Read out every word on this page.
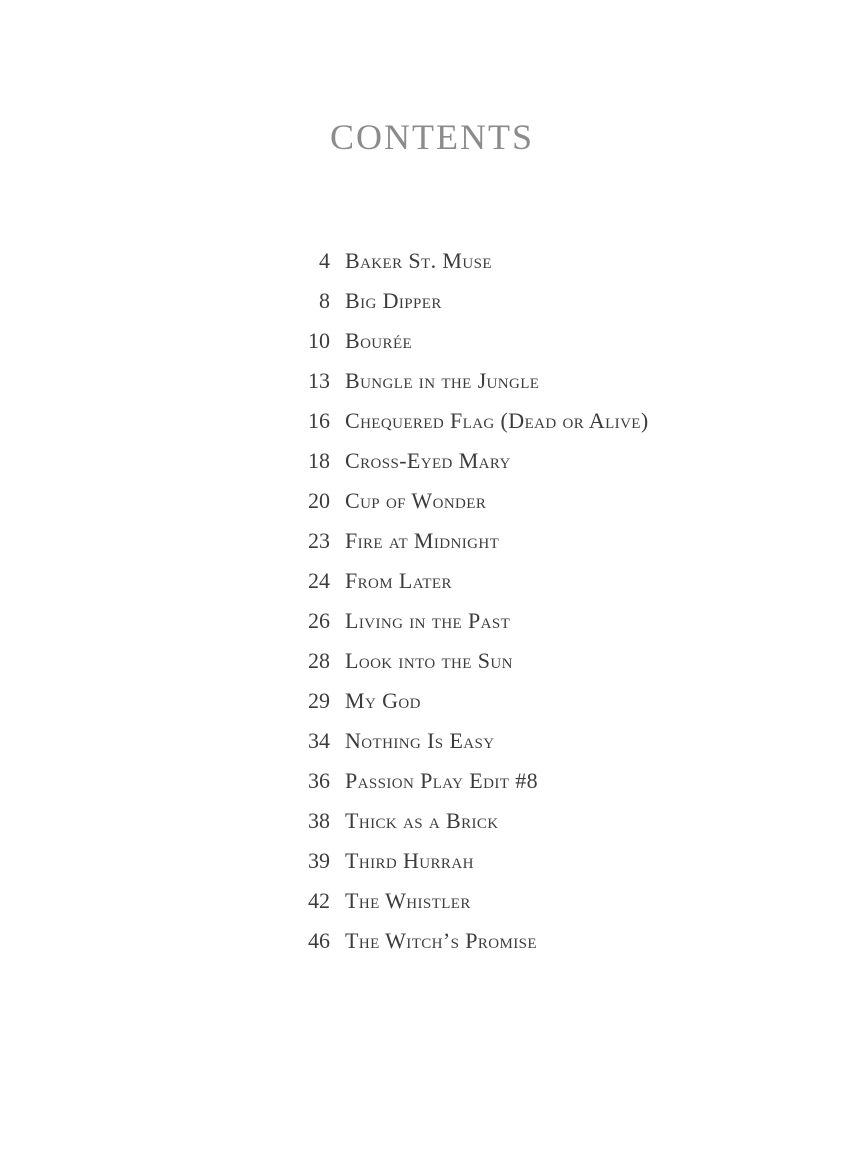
CONTENTS
4 Baker St. Muse
8 Big Dipper
10 Bourée
13 Bungle in the Jungle
16 Chequered Flag (Dead or Alive)
18 Cross-Eyed Mary
20 Cup of Wonder
23 Fire at Midnight
24 From Later
26 Living in the Past
28 Look into the Sun
29 My God
34 Nothing Is Easy
36 Passion Play Edit #8
38 Thick as a Brick
39 Third Hurrah
42 The Whistler
46 The Witch’s Promise
